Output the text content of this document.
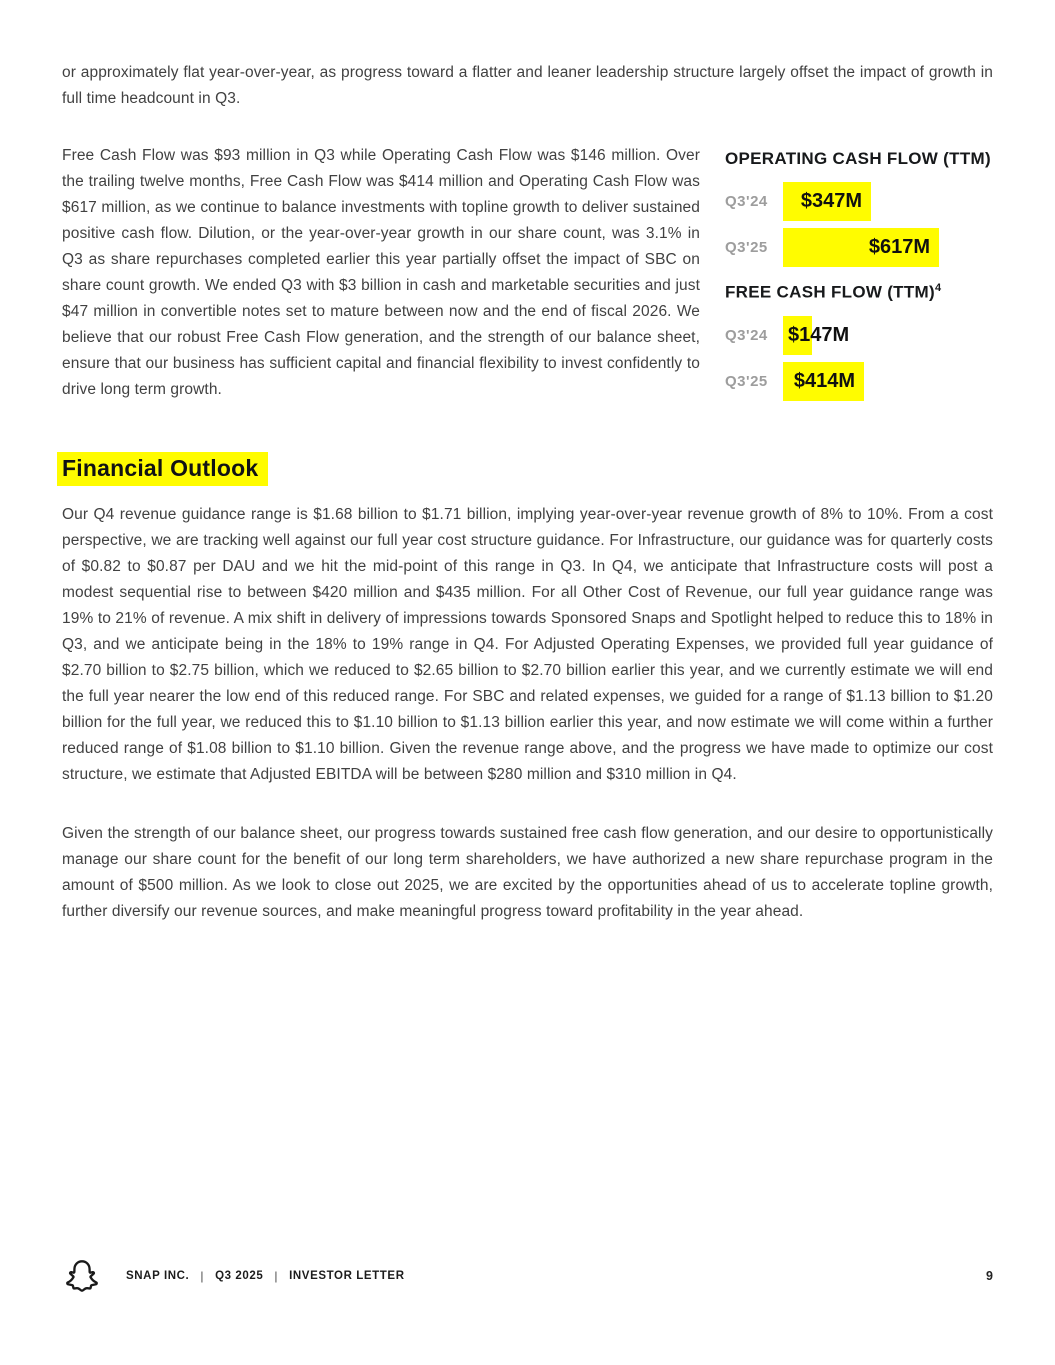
or approximately flat year-over-year, as progress toward a flatter and leaner leadership structure largely offset the impact of growth in full time headcount in Q3.

Free Cash Flow was $93 million in Q3 while Operating Cash Flow was $146 million. Over the trailing twelve months, Free Cash Flow was $414 million and Operating Cash Flow was $617 million, as we continue to balance investments with topline growth to deliver sustained positive cash flow. Dilution, or the year-over-year growth in our share count, was 3.1% in Q3 as share repurchases completed earlier this year partially offset the impact of SBC on share count growth. We ended Q3 with $3 billion in cash and marketable securities and just $47 million in convertible notes set to mature between now and the end of fiscal 2026. We believe that our robust Free Cash Flow generation, and the strength of our balance sheet, ensure that our business has sufficient capital and financial flexibility to invest confidently to drive long term growth.

OPERATING CASH FLOW (TTM)
Q3'24	$347M
Q3'25	$617M
FREE CASH FLOW (TTM)$^4$
Q3'24	$147M
Q3'25	$414M
Financial Outlook

Our Q4 revenue guidance range is $1.68 billion to $1.71 billion, implying year-over-year revenue growth of 8% to 10%. From a cost perspective, we are tracking well against our full year cost structure guidance. For Infrastructure, our guidance was for quarterly costs of $0.82 to $0.87 per DAU and we hit the mid-point of this range in Q3. In Q4, we anticipate that Infrastructure costs will post a modest sequential rise to between $420 million and $435 million. For all Other Cost of Revenue, our full year guidance range was 19% to 21% of revenue. A mix shift in delivery of impressions towards Sponsored Snaps and Spotlight helped to reduce this to 18% in Q3, and we anticipate being in the 18% to 19% range in Q4. For Adjusted Operating Expenses, we provided full year guidance of $2.70 billion to $2.75 billion, which we reduced to $2.65 billion to $2.70 billion earlier this year, and we currently estimate we will end the full year nearer the low end of this reduced range. For SBC and related expenses, we guided for a range of $1.13 billion to $1.20 billion for the full year, we reduced this to $1.10 billion to $1.13 billion earlier this year, and now estimate we will come within a further reduced range of $1.08 billion to $1.10 billion. Given the revenue range above, and the progress we have made to optimize our cost structure, we estimate that Adjusted EBITDA will be between $280 million and $310 million in Q4.

Given the strength of our balance sheet, our progress towards sustained free cash flow generation, and our desire to opportunistically manage our share count for the benefit of our long term shareholders, we have authorized a new share repurchase program in the amount of $500 million. As we look to close out 2025, we are excited by the opportunities ahead of us to accelerate topline growth, further diversify our revenue sources, and make meaningful progress toward profitability in the year ahead.

SNAP INC. | Q3 2025 | INVESTOR LETTER	9
